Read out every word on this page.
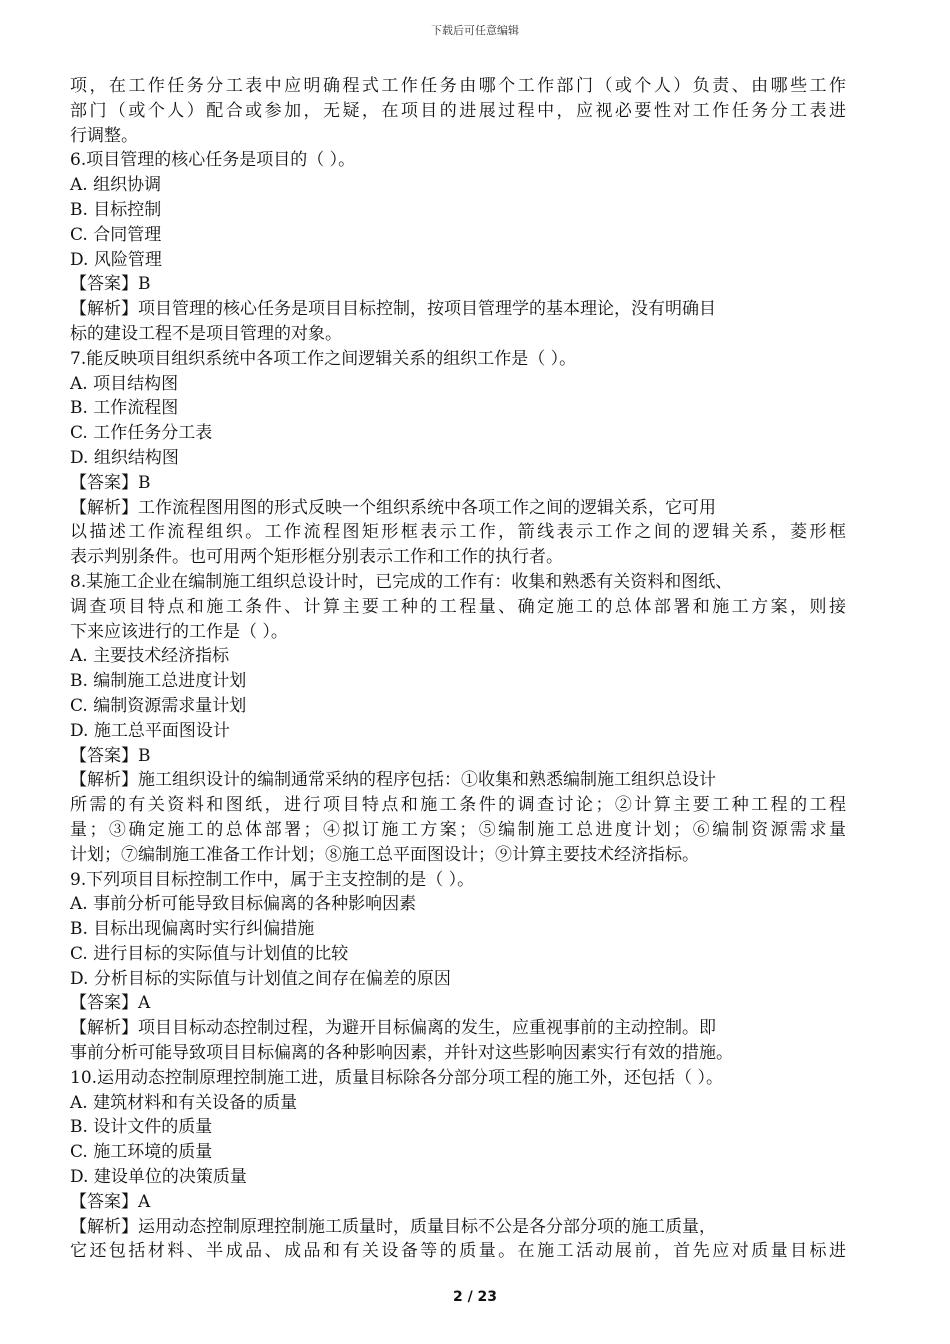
下载后可任意编辑
项，在工作任务分工表中应明确程式工作任务由哪个工作部门（或个人）负责、由哪些工作
部门（或个人）配合或参加，无疑，在项目的进展过程中，应视必要性对工作任务分工表进
行调整。
6.项目管理的核心任务是项目的（ ）。
A. 组织协调
B. 目标控制
C. 合同管理
D. 风险管理
【答案】B
【解析】项目管理的核心任务是项目目标控制，按项目管理学的基本理论，没有明确目
标的建设工程不是项目管理的对象。
7.能反映项目组织系统中各项工作之间逻辑关系的组织工作是（ ）。
A. 项目结构图
B. 工作流程图
C. 工作任务分工表
D. 组织结构图
【答案】B
【解析】工作流程图用图的形式反映一个组织系统中各项工作之间的逻辑关系，它可用
以描述工作流程组织。工作流程图矩形框表示工作，箭线表示工作之间的逻辑关系，菱形框
表示判别条件。也可用两个矩形框分别表示工作和工作的执行者。
8.某施工企业在编制施工组织总设计时，已完成的工作有：收集和熟悉有关资料和图纸、
调查项目特点和施工条件、计算主要工种的工程量、确定施工的总体部署和施工方案，则接
下来应该进行的工作是（ ）。
A. 主要技术经济指标
B. 编制施工总进度计划
C. 编制资源需求量计划
D. 施工总平面图设计
【答案】B
【解析】施工组织设计的编制通常采纳的程序包括：①收集和熟悉编制施工组织总设计
所需的有关资料和图纸，进行项目特点和施工条件的调查讨论；②计算主要工种工程的工程
量；③确定施工的总体部署；④拟订施工方案；⑤编制施工总进度计划；⑥编制资源需求量
计划；⑦编制施工准备工作计划；⑧施工总平面图设计；⑨计算主要技术经济指标。
9.下列项目目标控制工作中，属于主支控制的是（ ）。
A. 事前分析可能导致目标偏离的各种影响因素
B. 目标出现偏离时实行纠偏措施
C. 进行目标的实际值与计划值的比较
D. 分析目标的实际值与计划值之间存在偏差的原因
【答案】A
【解析】项目目标动态控制过程，为避开目标偏离的发生，应重视事前的主动控制。即
事前分析可能导致项目目标偏离的各种影响因素，并针对这些影响因素实行有效的措施。
10.运用动态控制原理控制施工进，质量目标除各分部分项工程的施工外，还包括（ ）。
A. 建筑材料和有关设备的质量
B. 设计文件的质量
C. 施工环境的质量
D. 建设单位的决策质量
【答案】A
【解析】运用动态控制原理控制施工质量时，质量目标不公是各分部分项的施工质量，
它还包括材料、半成品、成品和有关设备等的质量。在施工活动展前，首先应对质量目标进
2 / 23
